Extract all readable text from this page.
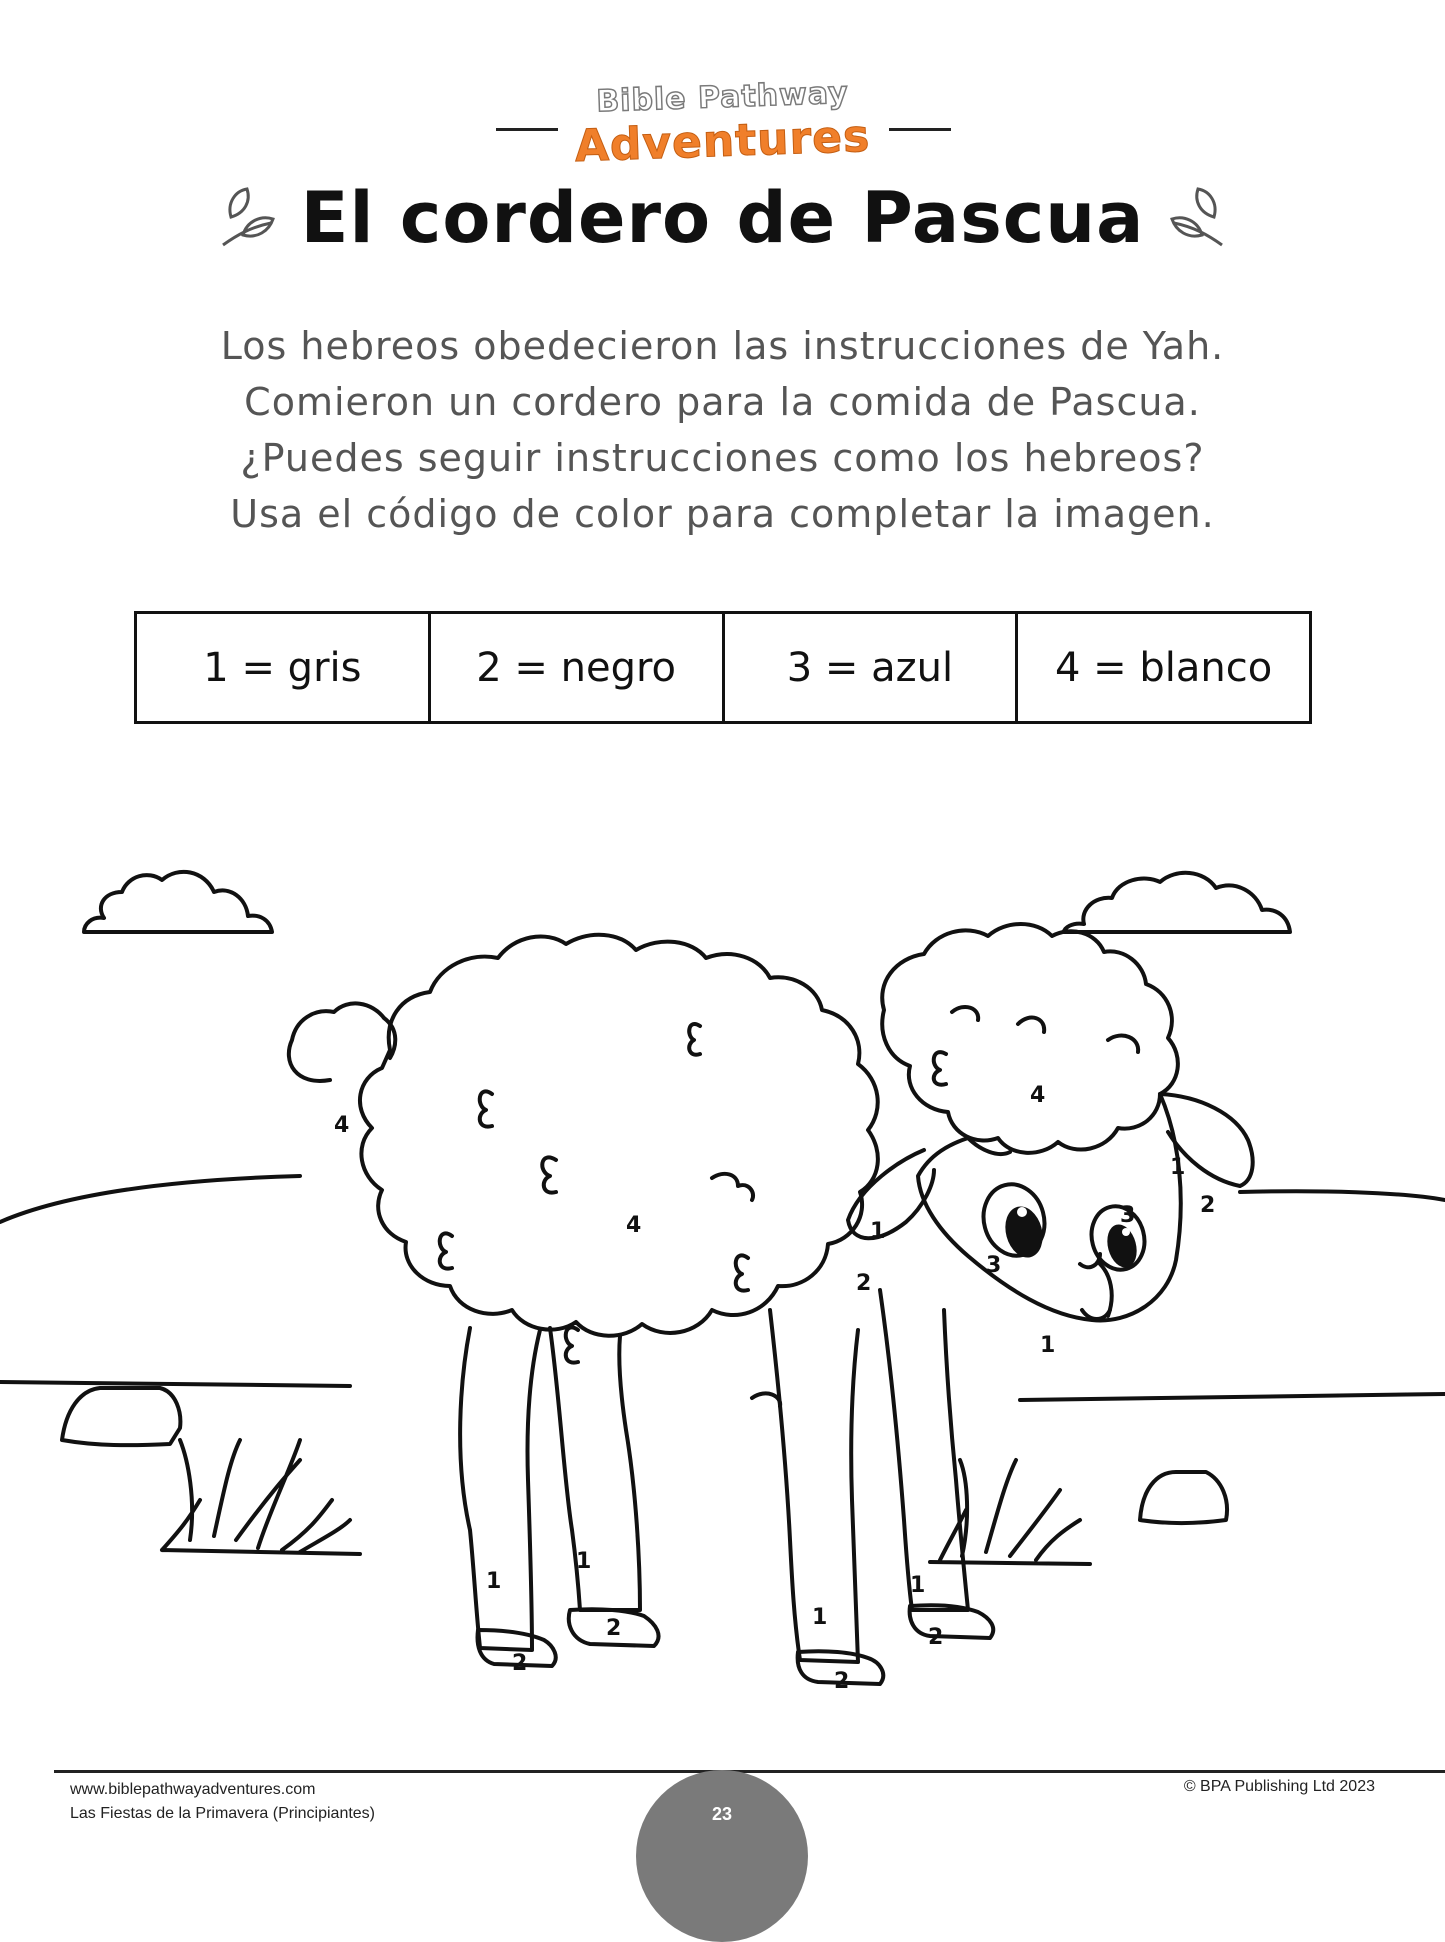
Bible Pathway
Adventures
El cordero de Pascua
Los hebreos obedecieron las instrucciones de Yah.
Comieron un cordero para la comida de Pascua.
¿Puedes seguir instrucciones como los hebreos?
Usa el código de color para completar la imagen.
1 = gris	2 = negro	3 = azul	4 = blanco
4
4
4
1
2
1
2
3
3
1
1
2
1
2	1
2
1
2
www.biblepathwayadventures.com
Las Fiestas de la Primavera (Principiantes)	23
© BPA Publishing Ltd 2023
